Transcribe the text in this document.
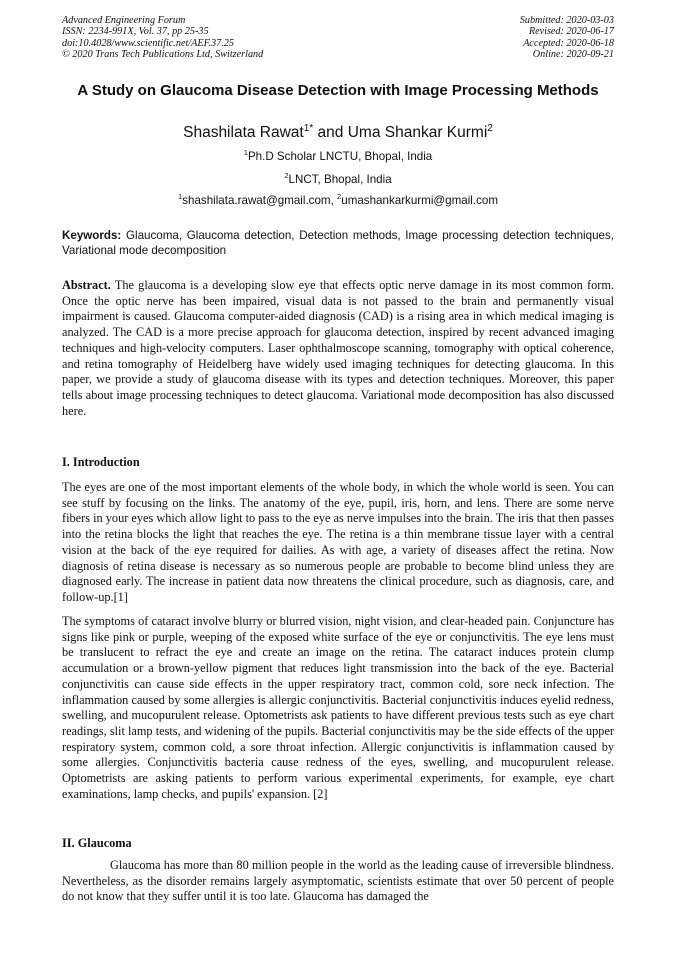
Advanced Engineering Forum
ISSN: 2234-991X, Vol. 37, pp 25-35
doi:10.4028/www.scientific.net/AEF.37.25
© 2020 Trans Tech Publications Ltd, Switzerland
Submitted: 2020-03-03
Revised: 2020-06-17
Accepted: 2020-06-18
Online: 2020-09-21
A Study on Glaucoma Disease Detection with Image Processing Methods
Shashilata Rawat$^{1*}$ and Uma Shankar Kurmi$^2$
$^1$Ph.D Scholar LNCTU, Bhopal, India
$^2$LNCT, Bhopal, India
$^1$shashilata.rawat@gmail.com, $^2$umashankarkurmi@gmail.com

Keywords: Glaucoma, Glaucoma detection, Detection methods, Image processing detection techniques, Variational mode decomposition

Abstract. The glaucoma is a developing slow eye that effects optic nerve damage in its most common form. Once the optic nerve has been impaired, visual data is not passed to the brain and permanently visual impairment is caused. Glaucoma computer-aided diagnosis (CAD) is a rising area in which medical imaging is analyzed. The CAD is a more precise approach for glaucoma detection, inspired by recent advanced imaging techniques and high-velocity computers. Laser ophthalmoscope scanning, tomography with optical coherence, and retina tomography of Heidelberg have widely used imaging techniques for detecting glaucoma. In this paper, we provide a study of glaucoma disease with its types and detection techniques. Moreover, this paper tells about image processing techniques to detect glaucoma. Variational mode decomposition has also discussed here.

I. Introduction

The eyes are one of the most important elements of the whole body, in which the whole world is seen. You can see stuff by focusing on the links. The anatomy of the eye, pupil, iris, horn, and lens. There are some nerve fibers in your eyes which allow light to pass to the eye as nerve impulses into the brain. The iris that then passes into the retina blocks the light that reaches the eye. The retina is a thin membrane tissue layer with a central vision at the back of the eye required for dailies. As with age, a variety of diseases affect the retina. Now diagnosis of retina disease is necessary as so numerous people are probable to become blind unless they are diagnosed early. The increase in patient data now threatens the clinical procedure, such as diagnosis, care, and follow-up.[1]

The symptoms of cataract involve blurry or blurred vision, night vision, and clear-headed pain. Conjuncture has signs like pink or purple, weeping of the exposed white surface of the eye or conjunctivitis. The eye lens must be translucent to refract the eye and create an image on the retina. The cataract induces protein clump accumulation or a brown-yellow pigment that reduces light transmission into the back of the eye. Bacterial conjunctivitis can cause side effects in the upper respiratory tract, common cold, sore neck infection. The inflammation caused by some allergies is allergic conjunctivitis. Bacterial conjunctivitis induces eyelid redness, swelling, and mucopurulent release. Optometrists ask patients to have different previous tests such as eye chart readings, slit lamp tests, and widening of the pupils. Bacterial conjunctivitis may be the side effects of the upper respiratory system, common cold, a sore throat infection. Allergic conjunctivitis is inflammation caused by some allergies. Conjunctivitis bacteria cause redness of the eyes, swelling, and mucopurulent release. Optometrists are asking patients to perform various experimental experiments, for example, eye chart examinations, lamp checks, and pupils' expansion. [2]

II. Glaucoma

Glaucoma has more than 80 million people in the world as the leading cause of irreversible blindness. Nevertheless, as the disorder remains largely asymptomatic, scientists estimate that over 50 percent of people do not know that they suffer until it is too late. Glaucoma has damaged the
